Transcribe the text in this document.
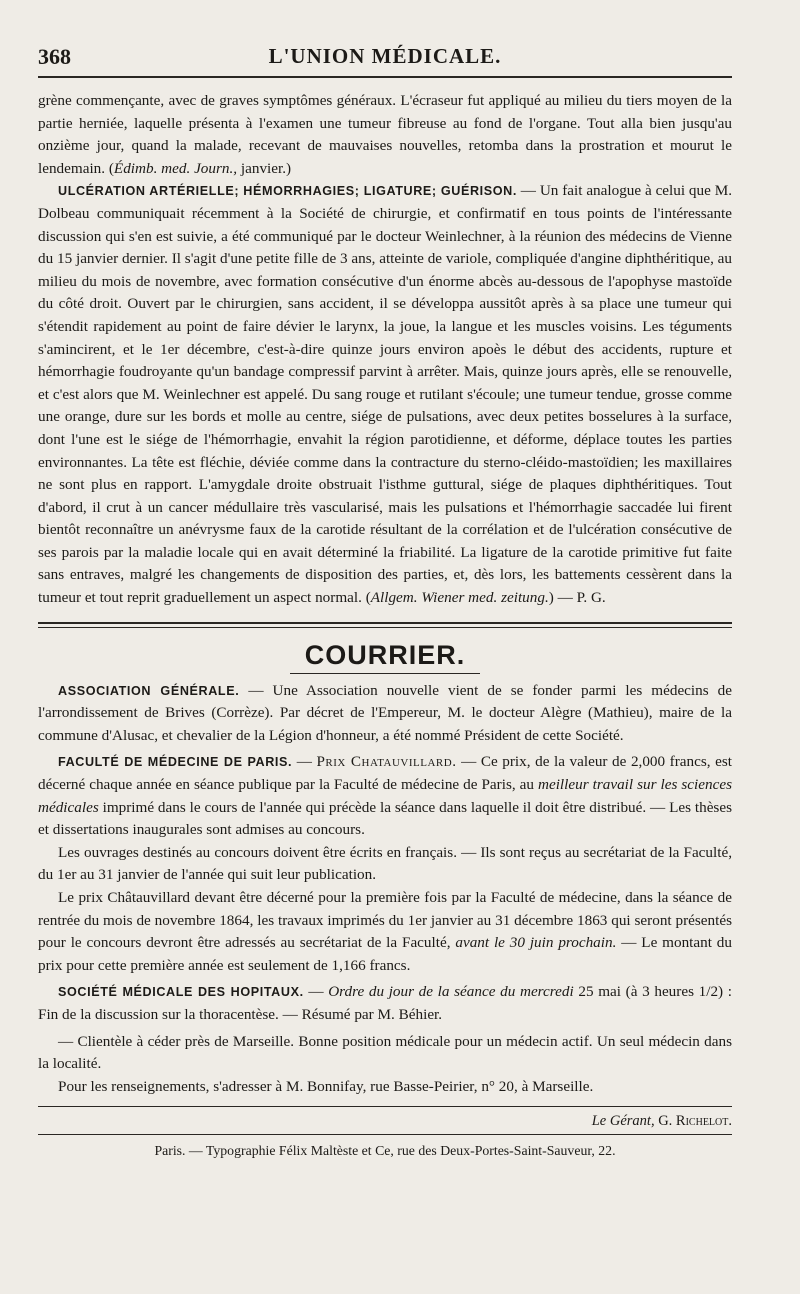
368	L'UNION MÉDICALE.

grène commençante, avec de graves symptômes généraux. L'écraseur fut appliqué au milieu du tiers moyen de la partie herniée, laquelle présenta à l'examen une tumeur fibreuse au fond de l'organe. Tout alla bien jusqu'au onzième jour, quand la malade, recevant de mauvaises nouvelles, retomba dans la prostration et mourut le lendemain. (Édimb. med. Journ., janvier.)

ULCÉRATION ARTÉRIELLE; HÉMORRHAGIES; LIGATURE; GUÉRISON. — Un fait analogue à celui que M. Dolbeau communiquait récemment à la Société de chirurgie, et confirmatif en tous points de l'intéressante discussion qui s'en est suivie, a été communiqué par le docteur Weinlechner, à la réunion des médecins de Vienne du 15 janvier dernier. Il s'agit d'une petite fille de 3 ans, atteinte de variole, compliquée d'angine diphthéritique, au milieu du mois de novembre, avec formation consécutive d'un énorme abcès au-dessous de l'apophyse mastoïde du côté droit. Ouvert par le chirurgien, sans accident, il se développa aussitôt après à sa place une tumeur qui s'étendit rapidement au point de faire dévier le larynx, la joue, la langue et les muscles voisins. Les téguments s'amincirent, et le 1er décembre, c'est-à-dire quinze jours environ apoès le début des accidents, rupture et hémorrhagie foudroyante qu'un bandage compressif parvint à arrêter. Mais, quinze jours après, elle se renouvelle, et c'est alors que M. Weinlechner est appelé. Du sang rouge et rutilant s'écoule; une tumeur tendue, grosse comme une orange, dure sur les bords et molle au centre, siége de pulsations, avec deux petites bosselures à la surface, dont l'une est le siége de l'hémorrhagie, envahit la région parotidienne, et déforme, déplace toutes les parties environnantes. La tête est fléchie, déviée comme dans la contracture du sterno-cléido-mastoïdien; les maxillaires ne sont plus en rapport. L'amygdale droite obstruait l'isthme guttural, siége de plaques diphthéritiques. Tout d'abord, il crut à un cancer médullaire très vascularisé, mais les pulsations et l'hémorrhagie saccadée lui firent bientôt reconnaître un anévrysme faux de la carotide résultant de la corrélation et de l'ulcération consécutive de ses parois par la maladie locale qui en avait déterminé la friabilité. La ligature de la carotide primitive fut faite sans entraves, malgré les changements de disposition des parties, et, dès lors, les battements cessèrent dans la tumeur et tout reprit graduellement un aspect normal. (Allgem. Wiener med. zeitung.) — P. G.

COURRIER.

ASSOCIATION GÉNÉRALE. — Une Association nouvelle vient de se fonder parmi les médecins de l'arrondissement de Brives (Corrèze). Par décret de l'Empereur, M. le docteur Alègre (Mathieu), maire de la commune d'Alusac, et chevalier de la Légion d'honneur, a été nommé Président de cette Société.

FACULTÉ DE MÉDECINE DE PARIS. — Prix Chatauvillard. — Ce prix, de la valeur de 2,000 francs, est décerné chaque année en séance publique par la Faculté de médecine de Paris, au meilleur travail sur les sciences médicales imprimé dans le cours de l'année qui précède la séance dans laquelle il doit être distribué. — Les thèses et dissertations inaugurales sont admises au concours.

Les ouvrages destinés au concours doivent être écrits en français. — Ils sont reçus au secrétariat de la Faculté, du 1er au 31 janvier de l'année qui suit leur publication.

Le prix Châtauvillard devant être décerné pour la première fois par la Faculté de médecine, dans la séance de rentrée du mois de novembre 1864, les travaux imprimés du 1er janvier au 31 décembre 1863 qui seront présentés pour le concours devront être adressés au secrétariat de la Faculté, avant le 30 juin prochain. — Le montant du prix pour cette première année est seulement de 1,166 francs.

SOCIÉTÉ MÉDICALE DES HOPITAUX. — Ordre du jour de la séance du mercredi 25 mai (à 3 heures 1/2) : Fin de la discussion sur la thoracentèse. — Résumé par M. Béhier.

— Clientèle à céder près de Marseille. Bonne position médicale pour un médecin actif. Un seul médecin dans la localité.

Pour les renseignements, s'adresser à M. Bonnifay, rue Basse-Peirier, n° 20, à Marseille.

Le Gérant, G. Richelot.
Paris. — Typographie Félix Maltèste et Ce, rue des Deux-Portes-Saint-Sauveur, 22.
